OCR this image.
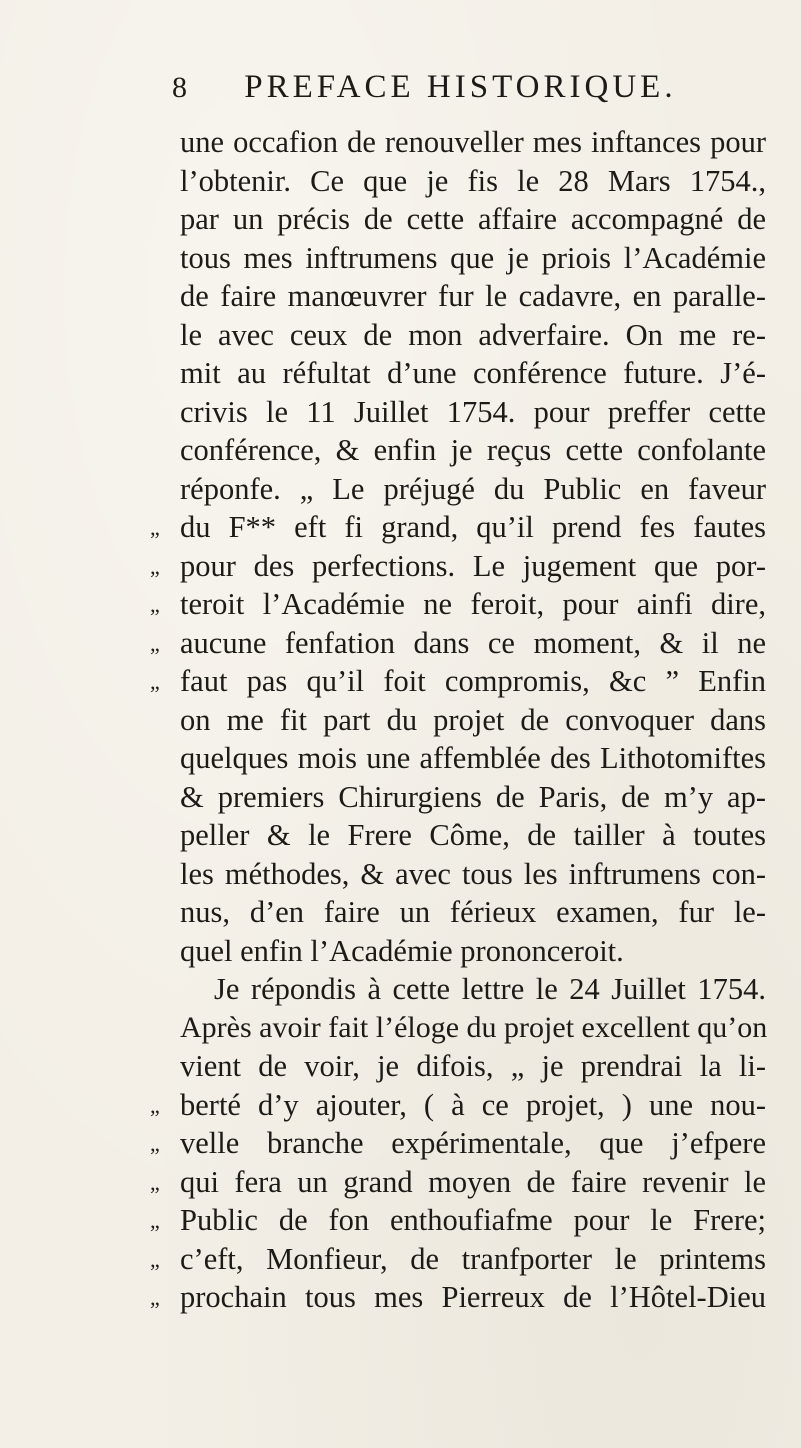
8 PREFACE HISTORIQUE.
une occafion de renouveller mes inftances pour
l’obtenir. Ce que je fis le 28 Mars 1754.,
par un précis de cette affaire accompagné de
tous mes inftrumens que je priois l’Académie
de faire manœuvrer fur le cadavre, en paralle-
le avec ceux de mon adverfaire. On me re-
mit au réfultat d’une conférence future. J’é-
crivis le 11 Juillet 1754. pour preffer cette
conférence, & enfin je reçus cette confolante
réponfe. „ Le préjugé du Public en faveur
„ du F** eft fi grand, qu’il prend fes fautes
„ pour des perfections. Le jugement que por-
„ teroit l’Académie ne feroit, pour ainfi dire,
„ aucune fenfation dans ce moment, & il ne
„ faut pas qu’il foit compromis, &c ” Enfin
on me fit part du projet de convoquer dans
quelques mois une affemblée des Lithotomiftes
& premiers Chirurgiens de Paris, de m’y ap-
peller & le Frere Côme, de tailler à toutes
les méthodes, & avec tous les inftrumens con-
nus, d’en faire un férieux examen, fur le-
quel enfin l’Académie prononceroit.
Je répondis à cette lettre le 24 Juillet 1754.
Après avoir fait l’éloge du projet excellent qu’on
vient de voir, je difois, „ je prendrai la li-
„ berté d’y ajouter, ( à ce projet, ) une nou-
„ velle branche expérimentale, que j’efpere
„ qui fera un grand moyen de faire revenir le
„ Public de fon enthoufiafme pour le Frere;
„ c’eft, Monfieur, de tranfporter le printems
„ prochain tous mes Pierreux de l’Hôtel-Dieu
